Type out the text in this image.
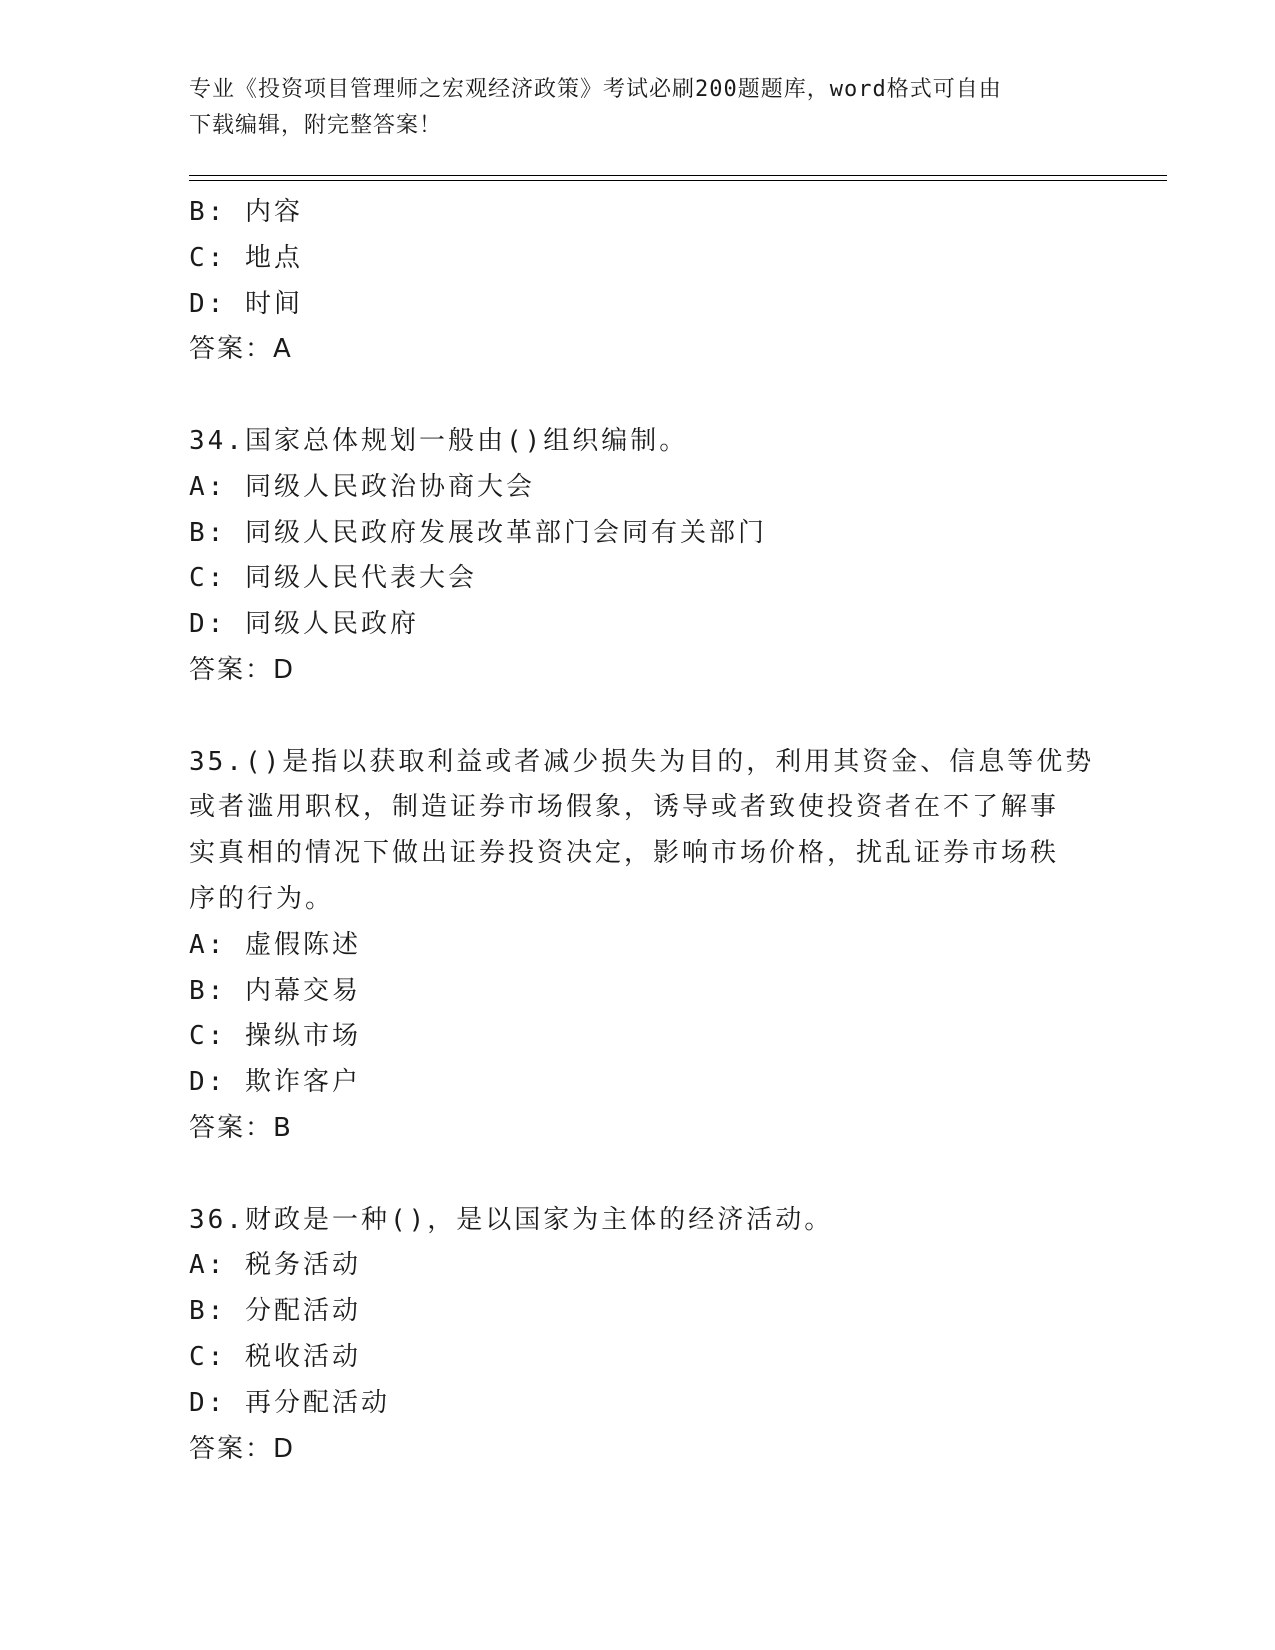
专业《投资项目管理师之宏观经济政策》考试必刷200题题库，word格式可自由
下载编辑，附完整答案！
B: 内容
C: 地点
D: 时间
答案：A
34.国家总体规划一般由()组织编制。
A: 同级人民政治协商大会
B: 同级人民政府发展改革部门会同有关部门
C: 同级人民代表大会
D: 同级人民政府
答案：D
35.()是指以获取利益或者减少损失为目的，利用其资金、信息等优势
或者滥用职权，制造证券市场假象，诱导或者致使投资者在不了解事
实真相的情况下做出证券投资决定，影响市场价格，扰乱证券市场秩
序的行为。
A: 虚假陈述
B: 内幕交易
C: 操纵市场
D: 欺诈客户
答案：B
36.财政是一种()，是以国家为主体的经济活动。
A: 税务活动
B: 分配活动
C: 税收活动
D: 再分配活动
答案：D
